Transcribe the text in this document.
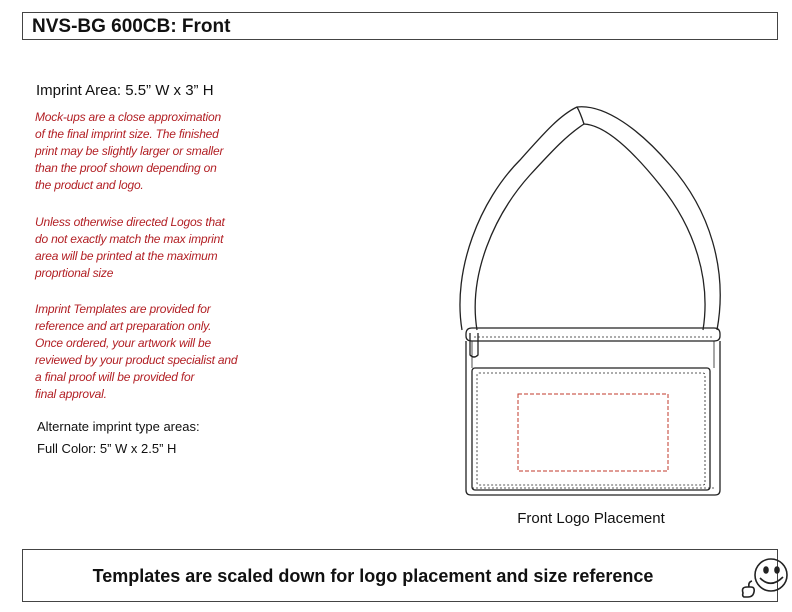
NVS-BG 600CB: Front
Imprint Area: 5.5” W x 3” H
Mock-ups are a close approximation
of the final imprint size. The finished
print may be slightly larger or smaller
than the proof shown depending on
the product and logo.
Unless otherwise directed Logos that
do not exactly match the max imprint
area will be printed at the maximum
proprtional size
Imprint Templates are provided for
reference and art preparation only.
Once ordered, your artwork will be
reviewed by your product specialist and
a final proof will be provided for
final approval.
Alternate imprint type areas:
Full Color: 5” W x 2.5” H
Front Logo Placement
Templates are scaled down for logo placement and size reference
